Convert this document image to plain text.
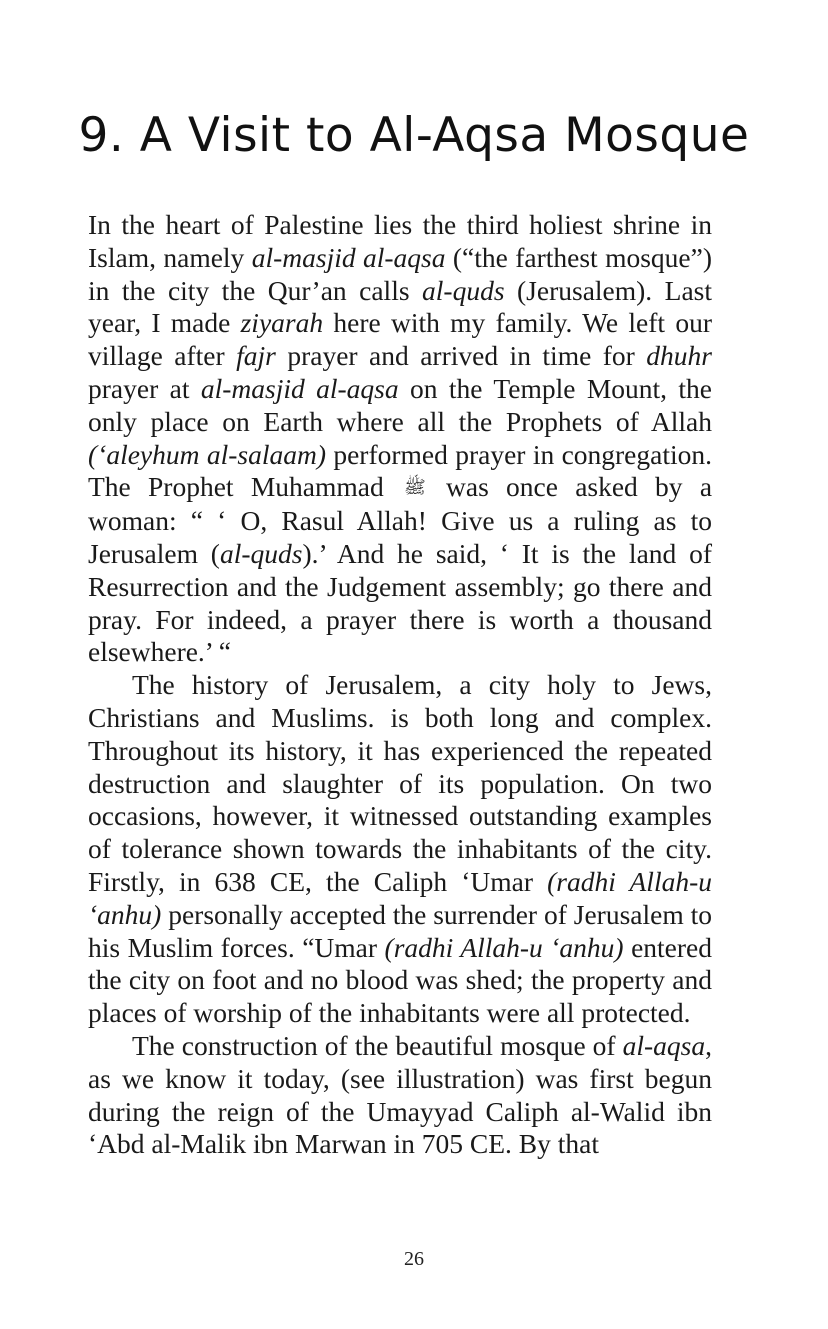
9. A Visit to Al-Aqsa Mosque

In the heart of Palestine lies the third holiest shrine in Islam, namely al-masjid al-aqsa (“the farthest mosque”) in the city the Qur’an calls al-quds (Jerusalem). Last year, I made ziyarah here with my family. We left our village after fajr prayer and arrived in time for dhuhr prayer at al-masjid al-aqsa on the Temple Mount, the only place on Earth where all the Prophets of Allah (‘aleyhum al-salaam) performed prayer in congregation. The Prophet Muhammad ﷺ was once asked by a woman: “ ‘ O, Rasul Allah! Give us a ruling as to Jerusalem (al-quds).’ And he said, ‘ It is the land of Resurrection and the Judgement assembly; go there and pray. For indeed, a prayer there is worth a thousand elsewhere.’ “

The history of Jerusalem, a city holy to Jews, Christians and Muslims. is both long and complex. Throughout its history, it has experienced the repeated destruction and slaughter of its population. On two occasions, however, it witnessed outstanding examples of tolerance shown towards the inhabitants of the city. Firstly, in 638 CE, the Caliph ‘Umar (radhi Allah-u ‘anhu) personally accepted the surrender of Jerusalem to his Muslim forces. “Umar (radhi Allah-u ‘anhu) entered the city on foot and no blood was shed; the property and places of worship of the inhabitants were all protected.

The construction of the beautiful mosque of al-aqsa, as we know it today, (see illustration) was first begun during the reign of the Umayyad Caliph al-Walid ibn ‘Abd al-Malik ibn Marwan in 705 CE. By that

26
